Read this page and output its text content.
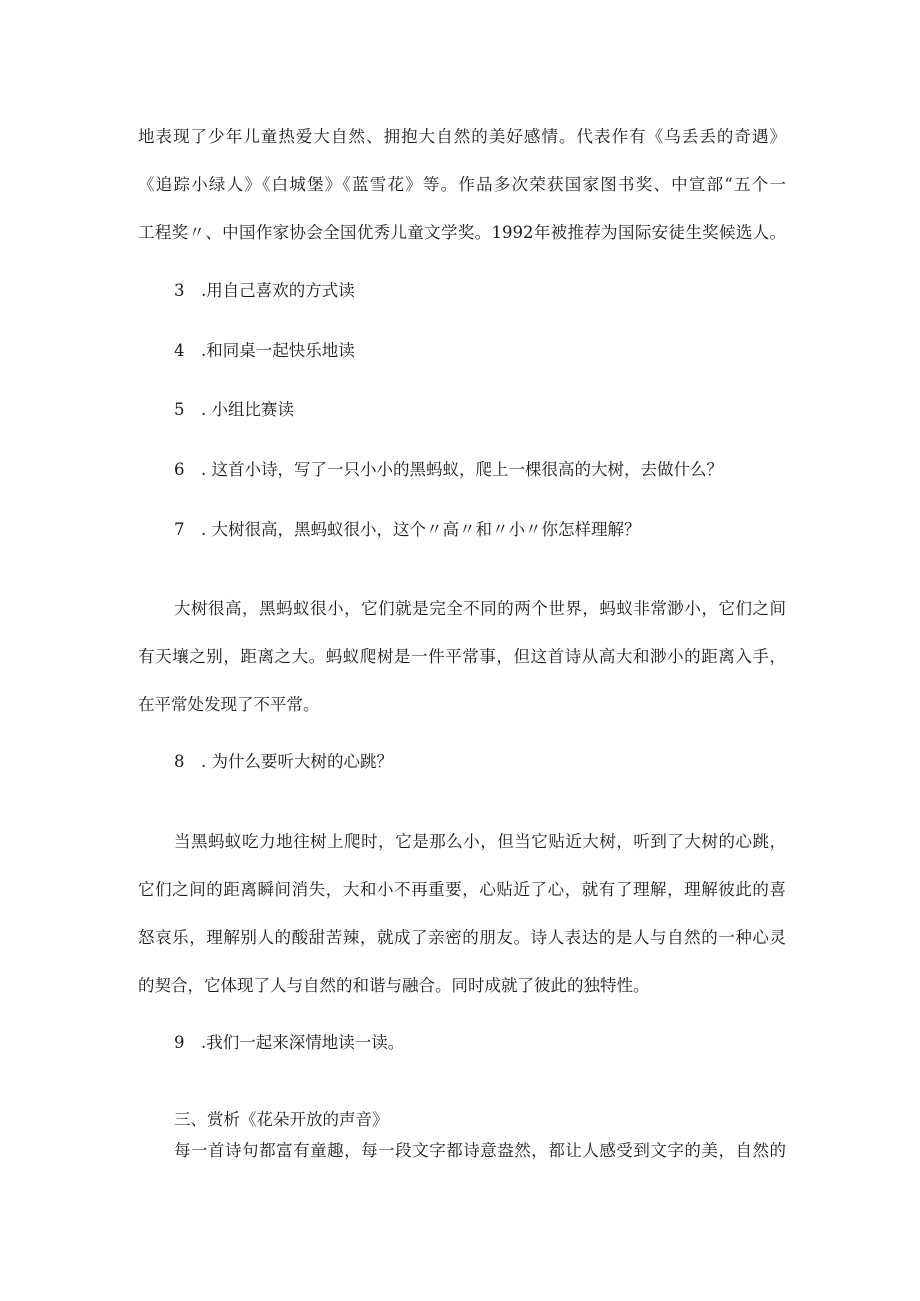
地表现了少年儿童热爱大自然、拥抱大自然的美好感情。代表作有《乌丢丢的奇遇》
《追踪小绿人》《白城堡》《蓝雪花》等。作品多次荣获国家图书奖、中宣部“五个一
工程奖〃、中国作家协会全国优秀儿童文学奖。1992年被推荐为国际安徒生奖候选人。
3　.用自己喜欢的方式读
4　.和同桌一起快乐地读
5　. 小组比赛读
6　. 这首小诗，写了一只小小的黑蚂蚁，爬上一棵很高的大树，去做什么？
7　. 大树很高，黑蚂蚁很小，这个〃高〃和〃小〃你怎样理解？
大树很高，黑蚂蚁很小，它们就是完全不同的两个世界，蚂蚁非常渺小，它们之间
有天壤之别，距离之大。蚂蚁爬树是一件平常事，但这首诗从高大和渺小的距离入手，
在平常处发现了不平常。
8　. 为什么要听大树的心跳？
当黑蚂蚁吃力地往树上爬时，它是那么小，但当它贴近大树，听到了大树的心跳，
它们之间的距离瞬间消失，大和小不再重要，心贴近了心，就有了理解，理解彼此的喜
怒哀乐，理解别人的酸甜苦辣，就成了亲密的朋友。诗人表达的是人与自然的一种心灵
的契合，它体现了人与自然的和谐与融合。同时成就了彼此的独特性。
9　.我们一起来深情地读一读。
三、赏析《花朵开放的声音》
每一首诗句都富有童趣，每一段文字都诗意盎然，都让人感受到文字的美，自然的
